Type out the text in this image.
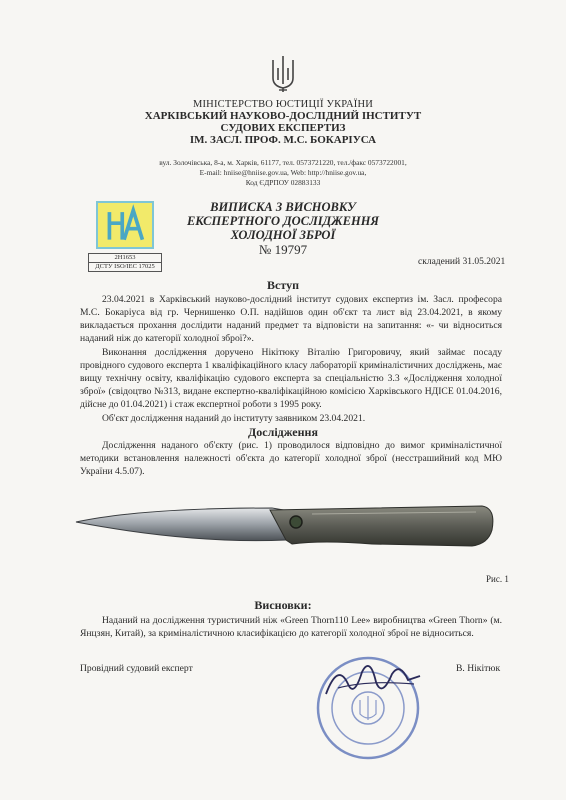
МІНІСТЕРСТВО ЮСТИЦІЇ УКРАЇНИ
ХАРКІВСЬКИЙ НАУКОВО-ДОСЛІДНИЙ ІНСТИТУТ
СУДОВИХ ЕКСПЕРТИЗ
ІМ. ЗАСЛ. ПРОФ. М.С. БОКАРІУСА
вул. Золочівська, 8-а, м. Харків, 61177, тел. 0573721220, тел./факс 0573722001,
E-mail: hniise@hniise.gov.ua, Web: http://hniise.gov.ua,
Код ЄДРПОУ 02883133
2Н1653
ДСТУ ISO/IEC 17025
ВИПИСКА З ВИСНОВКУ
ЕКСПЕРТНОГО ДОСЛІДЖЕННЯ
ХОЛОДНОЇ ЗБРОЇ
№ 19797
складений 31.05.2021
Вступ
23.04.2021 в Харківський науково-дослідний інститут судових експертиз ім. Засл. професора М.С. Бокаріуса від гр. Чернишенко О.П. надійшов один об'єкт та лист від 23.04.2021, в якому викладається прохання дослідити наданий предмет та відповісти на запитання: «- чи відноситься наданий ніж до категорії холодної зброї?».
Виконання дослідження доручено Нікітюку Віталію Григоровичу, який займає посаду провідного судового експерта 1 кваліфікаційного класу лабораторії криміналістичних досліджень, має вищу технічну освіту, кваліфікацію судового експерта за спеціальністю 3.3 «Дослідження холодної зброї» (свідоцтво №313, видане експертно-кваліфікаційною комісією Харківського НДІСЕ 01.04.2016, дійсне до 01.04.2021) і стаж експертної роботи з 1995 року.
Об'єкт дослідження наданий до інституту заявником 23.04.2021.
Дослідження
Дослідження наданого об'єкту (рис. 1) проводилося відповідно до вимог криміналістичної методики встановлення належності об'єкта до категорії холодної зброї (несстрашийний код МЮ України 4.5.07).
Рис. 1
Висновки:
Наданий на дослідження туристичний ніж «Green Thorn110 Lee» виробництва «Green Thorn» (м. Янцзян, Китай), за криміналістичною класифікацією до категорії холодної зброї не відноситься.
Провідний судовий експерт	В. Нікітюк
